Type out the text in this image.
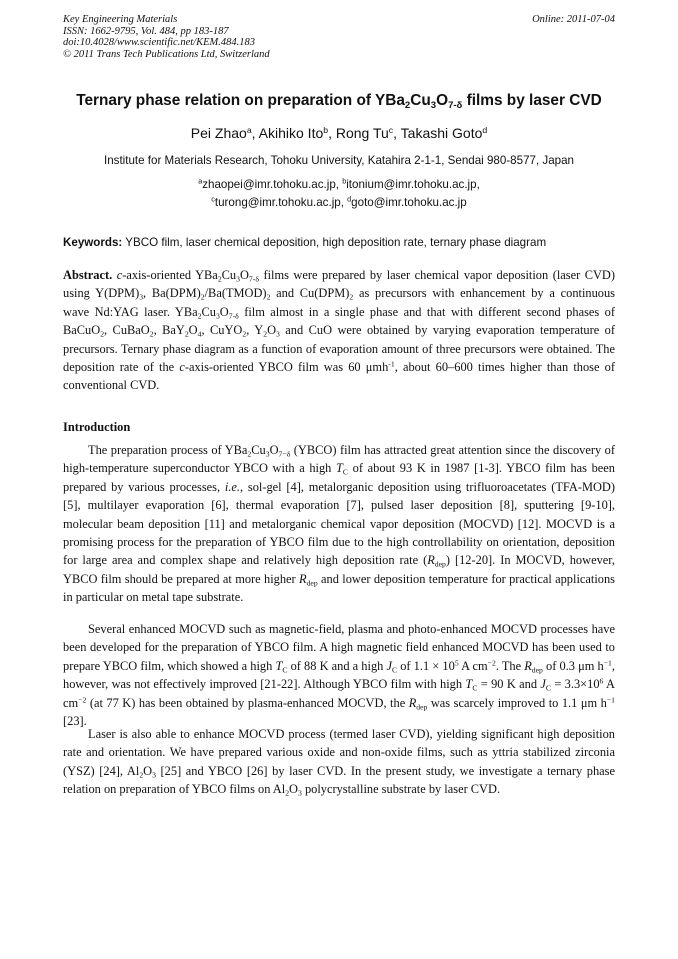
Key Engineering Materials
ISSN: 1662-9795, Vol. 484, pp 183-187
doi:10.4028/www.scientific.net/KEM.484.183
© 2011 Trans Tech Publications Ltd, Switzerland
Online: 2011-07-04
Ternary phase relation on preparation of $YBa_2Cu_3O_{7-\delta}$ films by laser CVD
Pei Zhao$^a$, Akihiko Ito$^b$, Rong Tu$^c$, Takashi Goto$^d$
Institute for Materials Research, Tohoku University, Katahira 2-1-1, Sendai 980-8577, Japan
$^a$zhaopei@imr.tohoku.ac.jp, $^b$itonium@imr.tohoku.ac.jp,
$^c$turong@imr.tohoku.ac.jp, $^d$goto@imr.tohoku.ac.jp
Keywords: YBCO film, laser chemical deposition, high deposition rate, ternary phase diagram

Abstract. c-axis-oriented $YBa_2Cu_3O_{7-\delta}$ films were prepared by laser chemical vapor deposition (laser CVD) using $Y(DPM)_3$, $Ba(DPM)_2/Ba(TMOD)_2$ and $Cu(DPM)_2$ as precursors with enhancement by a continuous wave Nd:YAG laser. $YBa_2Cu_3O_{7-\delta}$ film almost in a single phase and that with different second phases of BaCuO$_2$, CuBaO$_2$, $BaY_2O_4$, CuYO$_2$, $Y_2O_3$ and CuO were obtained by varying evaporation temperature of precursors. Ternary phase diagram as a function of evaporation amount of three precursors were obtained. The deposition rate of the c-axis-oriented YBCO film was 60 μmh$^{-1}$, about 60–600 times higher than those of conventional CVD.

Introduction

The preparation process of $YBa_2Cu_3O_{7-\delta}$ (YBCO) film has attracted great attention since the discovery of high-temperature superconductor YBCO with a high $T_C$ of about 93 K in 1987 [1-3]. YBCO film has been prepared by various processes, i.e., sol-gel [4], metalorganic deposition using trifluoroacetates (TFA-MOD) [5], multilayer evaporation [6], thermal evaporation [7], pulsed laser deposition [8], sputtering [9-10], molecular beam deposition [11] and metalorganic chemical vapor deposition (MOCVD) [12]. MOCVD is a promising process for the preparation of YBCO film due to the high controllability on orientation, deposition for large area and complex shape and relatively high deposition rate $(R_{dep})$ [12-20]. In MOCVD, however, YBCO film should be prepared at more higher $R_{dep}$ and lower deposition temperature for practical applications in particular on metal tape substrate.

Several enhanced MOCVD such as magnetic-field, plasma and photo-enhanced MOCVD processes have been developed for the preparation of YBCO film. A high magnetic field enhanced MOCVD has been used to prepare YBCO film, which showed a high $T_C$ of 88 K and a high $J_C$ of $1.1 \times 10^5$ A $cm^{-2}$. The $R_{dep}$ of 0.3 μm $h^{-1}$, however, was not effectively improved [21-22]. Although YBCO film with high $T_C = 90$ K and $J_C = 3.3\times 10^6$ A $cm^{-2}$ (at 77 K) has been obtained by plasma-enhanced MOCVD, the $R_{dep}$ was scarcely improved to 1.1 μm $h^{-1}$ [23].

Laser is also able to enhance MOCVD process (termed laser CVD), yielding significant high deposition rate and orientation. We have prepared various oxide and non-oxide films, such as yttria stabilized zirconia (YSZ) [24], $Al_2O_3$ [25] and YBCO [26] by laser CVD. In the present study, we investigate a ternary phase relation on preparation of YBCO films on $Al_2O_3$ polycrystalline substrate by laser CVD.
